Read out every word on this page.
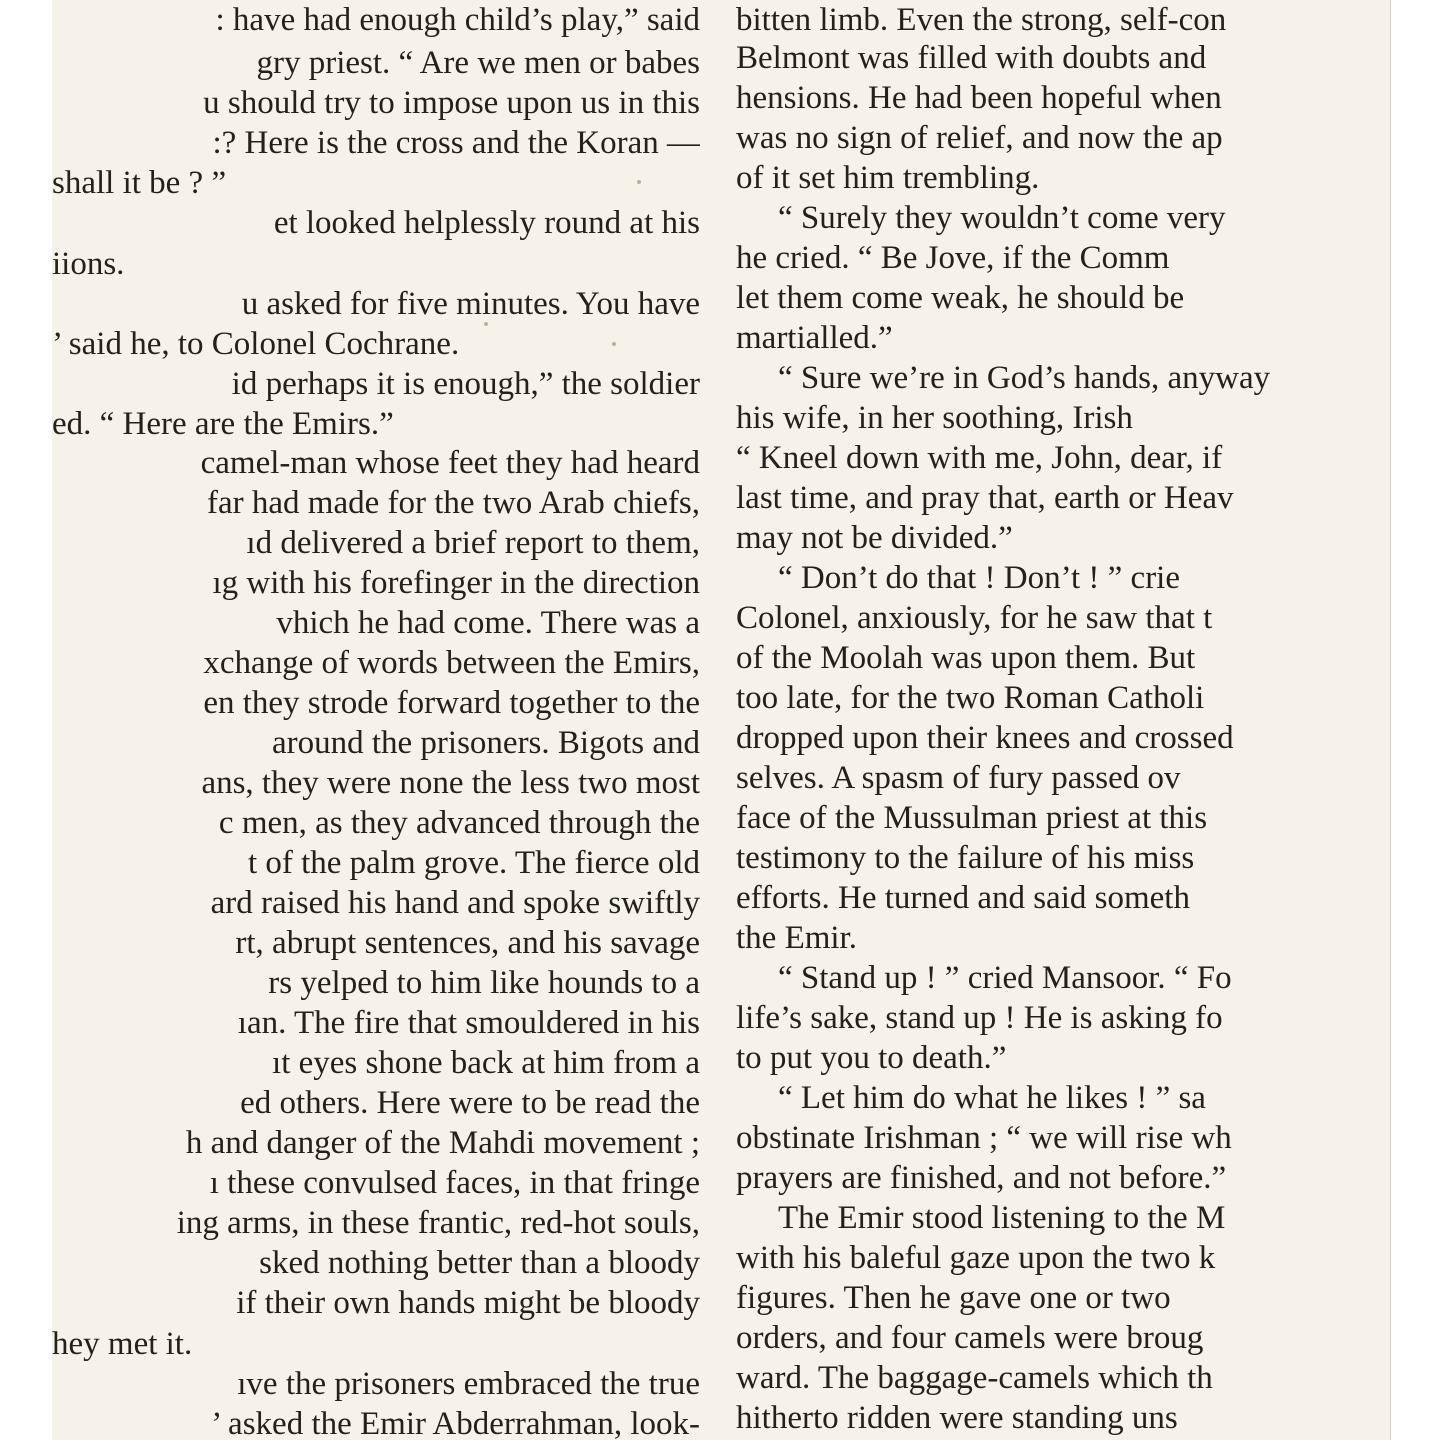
: have had enough child’s play,” said
gry priest. “ Are we men or babes
u should try to impose upon us in this
:? Here is the cross and the Koran —
shall it be ? ”
et looked helplessly round at his
iions.
u asked for five minutes. You have
’ said he, to Colonel Cochrane.
id perhaps it is enough,” the soldier
ed. “ Here are the Emirs.”
camel-man whose feet they had heard
far had made for the two Arab chiefs,
ıd delivered a brief report to them,
ıg with his forefinger in the direction
vhich he had come. There was a
xchange of words between the Emirs,
en they strode forward together to the
around the prisoners. Bigots and
ans, they were none the less two most
c men, as they advanced through the
t of the palm grove. The fierce old
ard raised his hand and spoke swiftly
rt, abrupt sentences, and his savage
rs yelped to him like hounds to a
ıan. The fire that smouldered in his
ıt eyes shone back at him from a
ed others. Here were to be read the
h and danger of the Mahdi movement ;
ı these convulsed faces, in that fringe
ing arms, in these frantic, red-hot souls,
sked nothing better than a bloody
if their own hands might be bloody
hey met it.
ıve the prisoners embraced the true
’ asked the Emir Abderrahman, look-
bitten limb. Even the strong, self-con
Belmont was filled with doubts and
hensions. He had been hopeful when
was no sign of relief, and now the ap
of it set him trembling.
“ Surely they wouldn’t come very
he cried. “ Be Jove, if the Comm
let them come weak, he should be
martialled.”
“ Sure we’re in God’s hands, anyway
his wife, in her soothing, Irish
“ Kneel down with me, John, dear, if
last time, and pray that, earth or Heav
may not be divided.”
“ Don’t do that ! Don’t ! ” crie
Colonel, anxiously, for he saw that t
of the Moolah was upon them. But
too late, for the two Roman Catholi
dropped upon their knees and crossed
selves. A spasm of fury passed ov
face of the Mussulman priest at this
testimony to the failure of his miss
efforts. He turned and said someth
the Emir.
“ Stand up ! ” cried Mansoor. “ Fo
life’s sake, stand up ! He is asking fo
to put you to death.”
“ Let him do what he likes ! ” sa
obstinate Irishman ; “ we will rise wh
prayers are finished, and not before.”
The Emir stood listening to the M
with his baleful gaze upon the two k
figures. Then he gave one or two
orders, and four camels were broug
ward. The baggage-camels which th
hitherto ridden were standing uns
